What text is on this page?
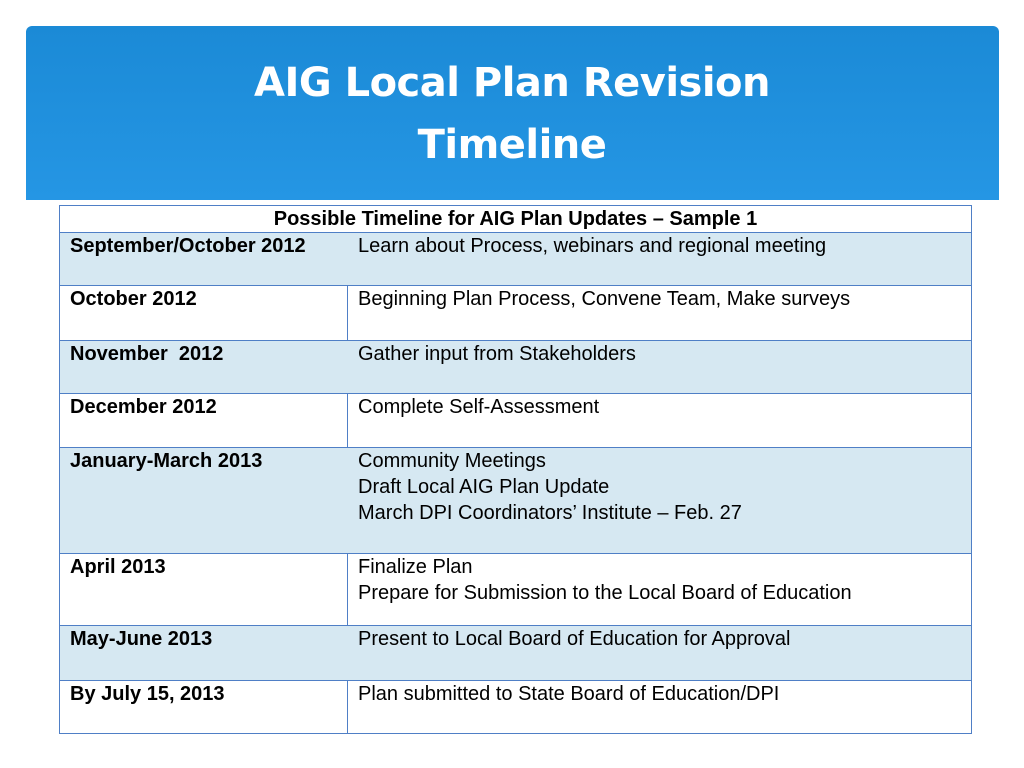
AIG Local Plan Revision
Timeline
Possible Timeline for AIG Plan Updates – Sample 1	
September/October 2012	Learn about Process, webinars and regional meeting

October 2012	Beginning Plan Process, Convene Team, Make surveys

November  2012	Gather input from Stakeholders

December 2012	Complete Self-Assessment

January-March 2013	Community Meetings
Draft Local AIG Plan Update
March DPI Coordinators’ Institute – Feb. 27

April 2013	Finalize Plan
Prepare for Submission to the Local Board of Education

May-June 2013	Present to Local Board of Education for Approval

By July 15, 2013	Plan submitted to State Board of Education/DPI
